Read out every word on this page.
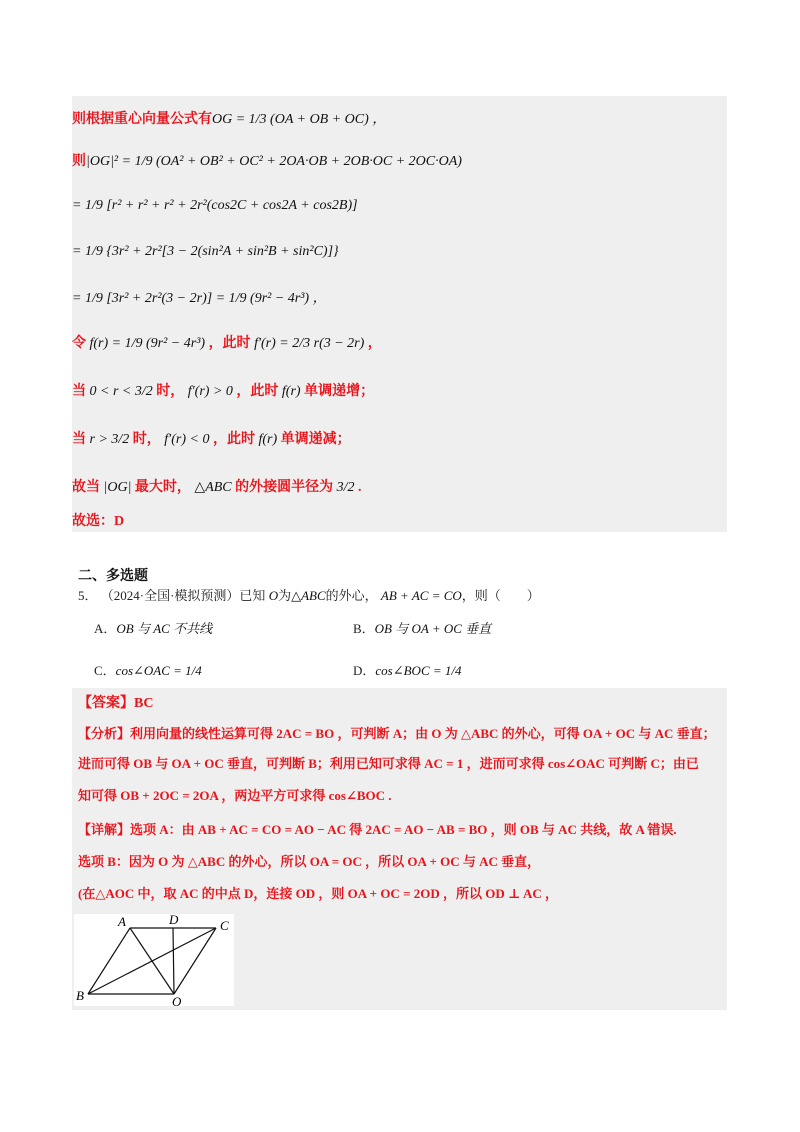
则根据重心向量公式有OG = 1/3 (OA + OB + OC) ，
则|OG|² = 1/9 (OA² + OB² + OC² + 2OA·OB + 2OB·OC + 2OC·OA)
= 1/9 [r² + r² + r² + 2r²(cos2C + cos2A + cos2B)]
= 1/9 {3r² + 2r²[3 − 2(sin²A + sin²B + sin²C)]}
= 1/9 [3r² + 2r²(3 − 2r)] = 1/9 (9r² − 4r³) ，
令 f(r) = 1/9 (9r² − 4r³) ，此时 f′(r) = 2/3 r(3 − 2r) ，
当 0 < r < 3/2 时， f′(r) > 0 ，此时 f(r) 单调递增；
当 r > 3/2 时， f′(r) < 0 ，此时 f(r) 单调递减；
故当 |OG| 最大时， △ABC 的外接圆半径为 3/2 .
故选：D
二、多选题
5． （2024·全国·模拟预测）已知 O为△ABC的外心， AB + AC = CO，则（　　）
A．OB 与 AC 不共线	B．OB 与 OA + OC 垂直
C．cos∠OAC = 1/4	D．cos∠BOC = 1/4
【答案】BC
【分析】利用向量的线性运算可得 2AC = BO ，可判断 A；由 O 为 △ABC 的外心，可得 OA + OC 与 AC 垂直；
进而可得 OB 与 OA + OC 垂直，可判断 B；利用已知可求得 AC = 1 ，进而可求得 cos∠OAC 可判断 C；由已
知可得 OB + 2OC = 2OA ，两边平方可求得 cos∠BOC .
【详解】选项 A：由 AB + AC = CO = AO − AC 得 2AC = AO − AB = BO ，则 OB 与 AC 共线，故 A 错误.
选项 B：因为 O 为 △ABC 的外心，所以 OA = OC ，所以 OA + OC 与 AC 垂直，
(在△AOC 中，取 AC 的中点 D，连接 OD ，则 OA + OC = 2OD ，所以 OD ⊥ AC ，
A	D	C
B	O
